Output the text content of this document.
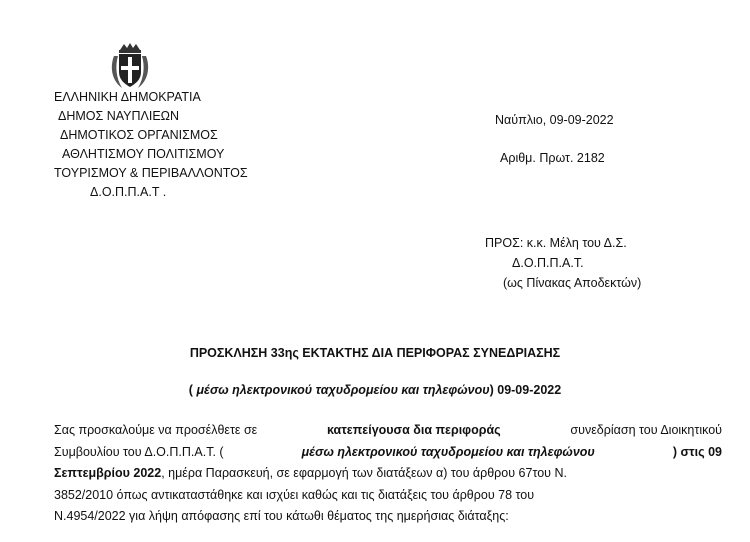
ΕΛΛΗΝΙΚΗ ΔΗΜΟΚΡΑΤΙΑ
ΔΗΜΟΣ ΝΑΥΠΛΙΕΩΝ
ΔΗΜΟΤΙΚΟΣ ΟΡΓΑΝΙΣΜΟΣ
ΑΘΛΗΤΙΣΜΟΥ ΠΟΛΙΤΙΣΜΟΥ
ΤΟΥΡΙΣΜΟΥ & ΠΕΡΙΒΑΛΛΟΝΤΟΣ
Δ.Ο.Π.Π.Α.Τ .
Ναύπλιο, 09-09-2022
Αριθμ. Πρωτ. 2182
ΠΡΟΣ: κ.κ. Μέλη του Δ.Σ.
Δ.Ο.Π.Π.Α.Τ.
(ως Πίνακας Αποδεκτών)
ΠΡΟΣΚΛΗΣΗ 33ης ΕΚΤΑΚΤΗΣ ΔΙΑ ΠΕΡΙΦΟΡΑΣ ΣΥΝΕΔΡΙΑΣΗΣ
( μέσω ηλεκτρονικού ταχυδρομείου και τηλεφώνου) 09-09-2022
Σας προσκαλούμε να προσέλθετε σε	κατεπείγουσα δια περιφοράς	συνεδρίαση του Διοικητικού
Συμβουλίου του Δ.Ο.Π.Π.Α.Τ. (	μέσω ηλεκτρονικού ταχυδρομείου και τηλεφώνου	) στις 09
Σεπτεμβρίου 2022 , ημέρα Παρασκευή, σε εφαρμογή των διατάξεων α) του άρθρου 67του Ν.
3852/2010 όπως αντικαταστάθηκε και ισχύει καθώς και τις διατάξεις του άρθρου 78 του
Ν.4954/2022 για λήψη απόφασης επί του κάτωθι θέματος της ημερήσιας διάταξης:
